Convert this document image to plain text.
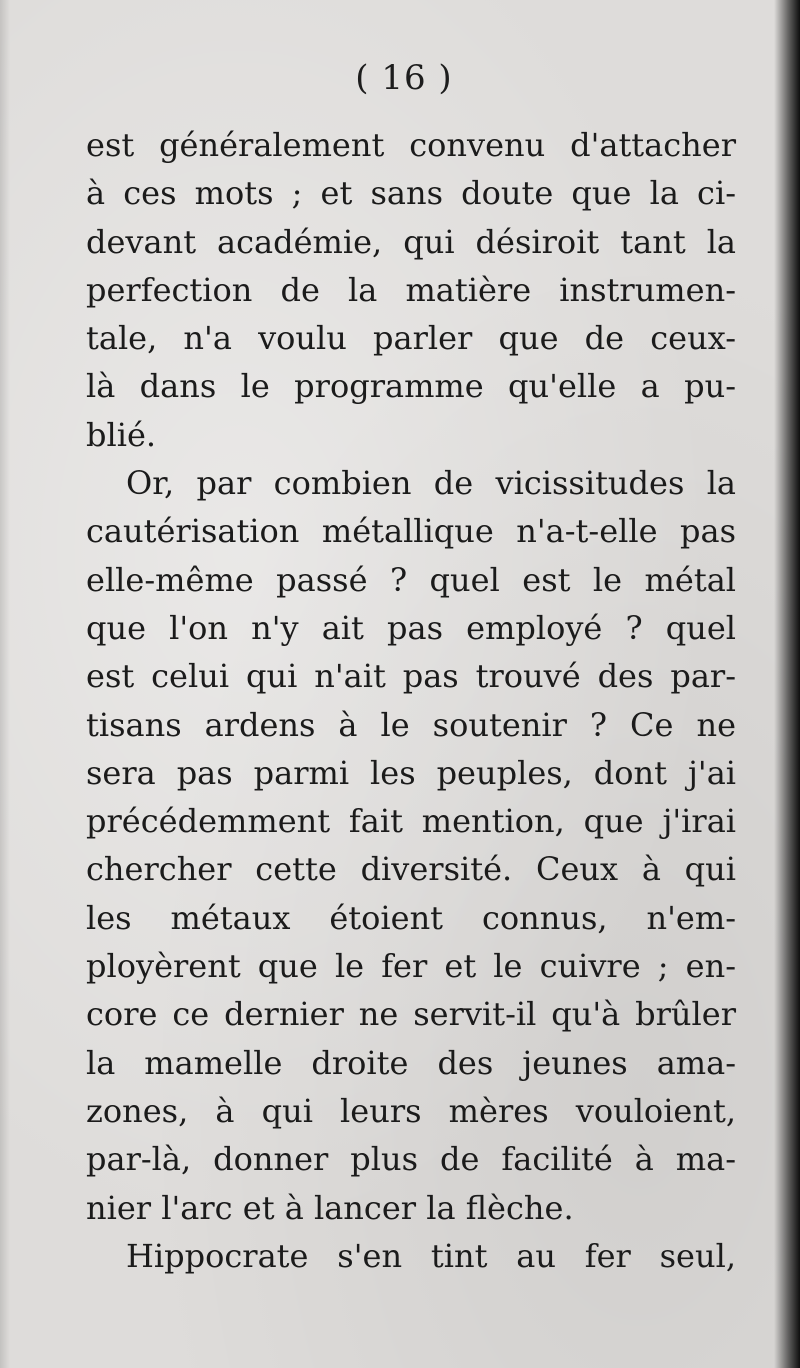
( 16 )
est généralement convenu d'attacher
à ces mots ; et sans doute que la ci-
devant académie, qui désiroit tant la
perfection de la matière instrumen-
tale, n'a voulu parler que de ceux-
là dans le programme qu'elle a pu-
blié.
Or, par combien de vicissitudes la
cautérisation métallique n'a-t-elle pas
elle-même passé ? quel est le métal
que l'on n'y ait pas employé ? quel
est celui qui n'ait pas trouvé des par-
tisans ardens à le soutenir ? Ce ne
sera pas parmi les peuples, dont j'ai
précédemment fait mention, que j'irai
chercher cette diversité. Ceux à qui
les métaux étoient connus, n'em-
ployèrent que le fer et le cuivre ; en-
core ce dernier ne servit-il qu'à brûler
la mamelle droite des jeunes ama-
zones, à qui leurs mères vouloient,
par-là, donner plus de facilité à ma-
nier l'arc et à lancer la flèche.
Hippocrate s'en tint au fer seul,
